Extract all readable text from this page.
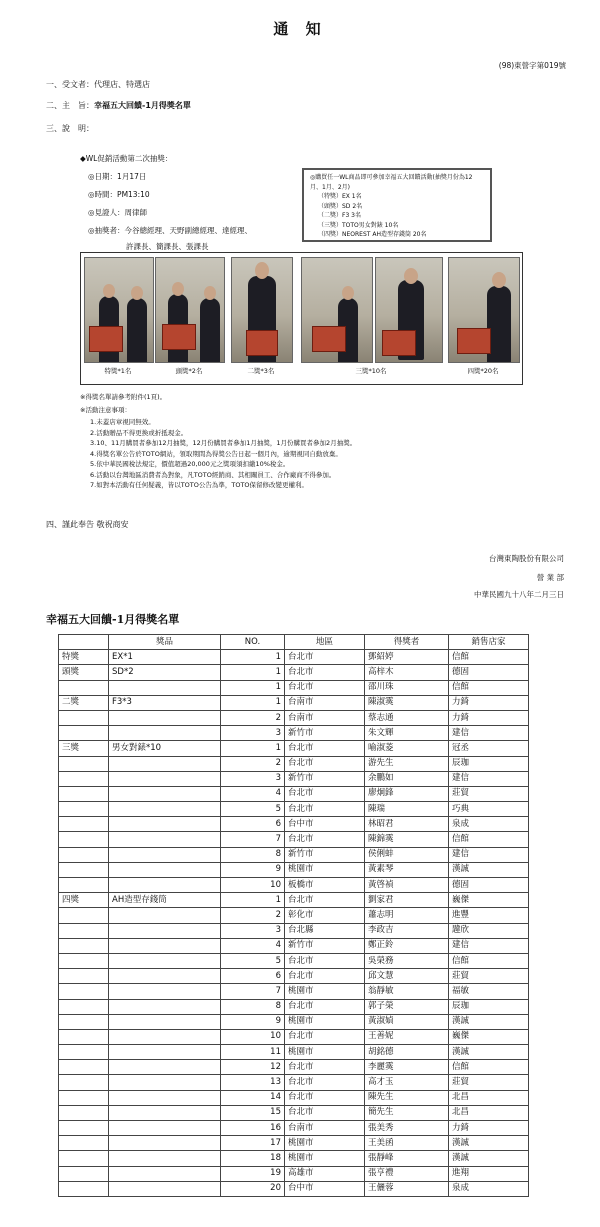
通 知
(98)東營字第019號
一、受文者：代理店、特選店
二、主　旨：幸福五大回饋-1月得獎名單
三、說　明：
◆WL促銷活動第二次抽獎：
◎日期：1月17日
◎時間：PM13:10
◎見證人：周律師
◎抽獎者：今谷總經理、天野副總經理、達經理、
許課長、簡課長、張課長
◎購買任一WL商品即可參加幸福五大回饋活動(抽獎月份為12月、1月、2月)
（特獎）EX 1名
（頭獎）SD 2名
（二獎）F3 3名
（三獎）TOTO男女對錶 10名
（四獎）NEOREST AH造型存錢筒 20名
特獎*1名	頭獎*2名	二獎*3名	三獎*10名	四獎*20名
※得獎名單請參考附件(1頁)。
※活動注意事項：
1.未蓋店章視同無效。
2.活動贈品不得更換或折抵現金。
3.10、11月購買者參加12月抽獎，12月份購買者參加1月抽獎，1月份購買者參加2月抽獎。
4.得獎名單公告於TOTO網站，領取期間為得獎公告日起一個月內，逾期視同自動放棄。
5.依中華民國稅法規定，價值超過20,000元之獎項須扣繳10%稅金。
6.活動以台灣地區消費者為對象，凡TOTO經銷商、其相關員工、合作廠商不得參加。
7.如對本活動有任何疑義，皆以TOTO公告為準，TOTO保留修改變更權利。
四、謹此奉告 敬祝商安
台灣東陶股份有限公司
營 業 部
中華民國九十八年二月三日
幸福五大回饋-1月得獎名單
	獎品	NO.	地區	得獎者	銷售店家
特獎	EX*1	1	台北市	鄧紹婷	信館
頭獎	SD*2	1	台北市	高梓木	德固
		1	台北市	邵川珠	信館
二獎	F3*3	1	台南市	陳淑霙	力錡
		2	台南市	蔡志通	力錡
		3	新竹市	朱文輝	建信
三獎	男女對錶*10	1	台北市	喻淑菱	冠丞
		2	台北市	游先生	辰珈
		3	新竹市	余鵬如	建信
		4	台北市	廖炯鋒	莊貿
		5	台北市	陳瑞	巧典
		6	台中市	林昭君	泉成
		7	台北市	陳錦霙	信館
		8	新竹市	侯俐蚌	建信
		9	桃園市	黃素琴	漢誠
		10	板橋市	黃啓禎	德固
四獎	AH造型存錢筒	1	台北市	劉家君	巍傑
		2	彰化市	蕭志明	進豐
		3	台北縣	李政吉	韙欣
		4	新竹市	鄭正鈴	建信
		5	台北市	吳榮務	信館
		6	台北市	邱文慧	莊貿
		7	桃園市	翁靜敏	福敏
		8	台北市	郭子榮	辰珈
		9	桃園市	黃淑媜	漢誠
		10	台北市	王善妮	巍傑
		11	桃園市	胡銘德	漢誠
		12	台北市	李麗霙	信館
		13	台北市	高才玉	莊貿
		14	台北市	陳先生	北昌
		15	台北市	簡先生	北昌
		16	台南市	張美秀	力錡
		17	桃園市	王美函	漢誠
		18	桃園市	張靜峰	漢誠
		19	高雄市	張亨禮	進翔
		20	台中市	王儷蓉	泉成
